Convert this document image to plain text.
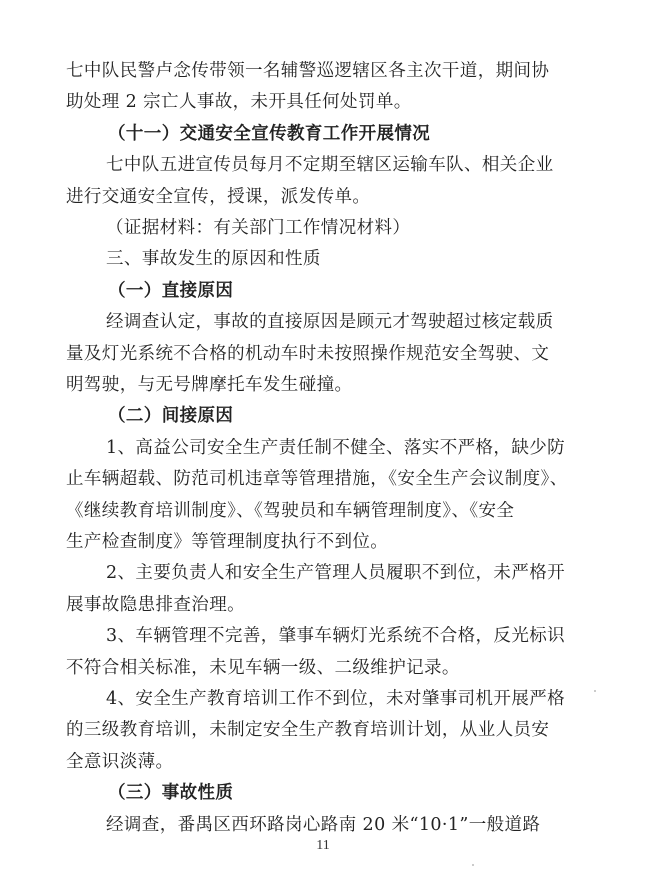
七中队民警卢念传带领一名辅警巡逻辖区各主次干道，期间协
助处理 2 宗亡人事故，未开具任何处罚单。
（十一）交通安全宣传教育工作开展情况
七中队五进宣传员每月不定期至辖区运输车队、相关企业
进行交通安全宣传，授课，派发传单。
（证据材料：有关部门工作情况材料）
三、事故发生的原因和性质
（一）直接原因
经调查认定，事故的直接原因是顾元才驾驶超过核定载质
量及灯光系统不合格的机动车时未按照操作规范安全驾驶、文
明驾驶，与无号牌摩托车发生碰撞。
（二）间接原因
1、高益公司安全生产责任制不健全、落实不严格，缺少防
止车辆超载、防范司机违章等管理措施，《安全生产会议制度》、
《继续教育培训制度》、《驾驶员和车辆管理制度》、《安全
生产检查制度》等管理制度执行不到位。
2、主要负责人和安全生产管理人员履职不到位，未严格开
展事故隐患排查治理。
3、车辆管理不完善，肇事车辆灯光系统不合格，反光标识
不符合相关标准，未见车辆一级、二级维护记录。
4、安全生产教育培训工作不到位，未对肇事司机开展严格
的三级教育培训，未制定安全生产教育培训计划，从业人员安
全意识淡薄。
（三）事故性质
11
经调查，番禺区西环路岗心路南 20 米“10·1”一般道路
